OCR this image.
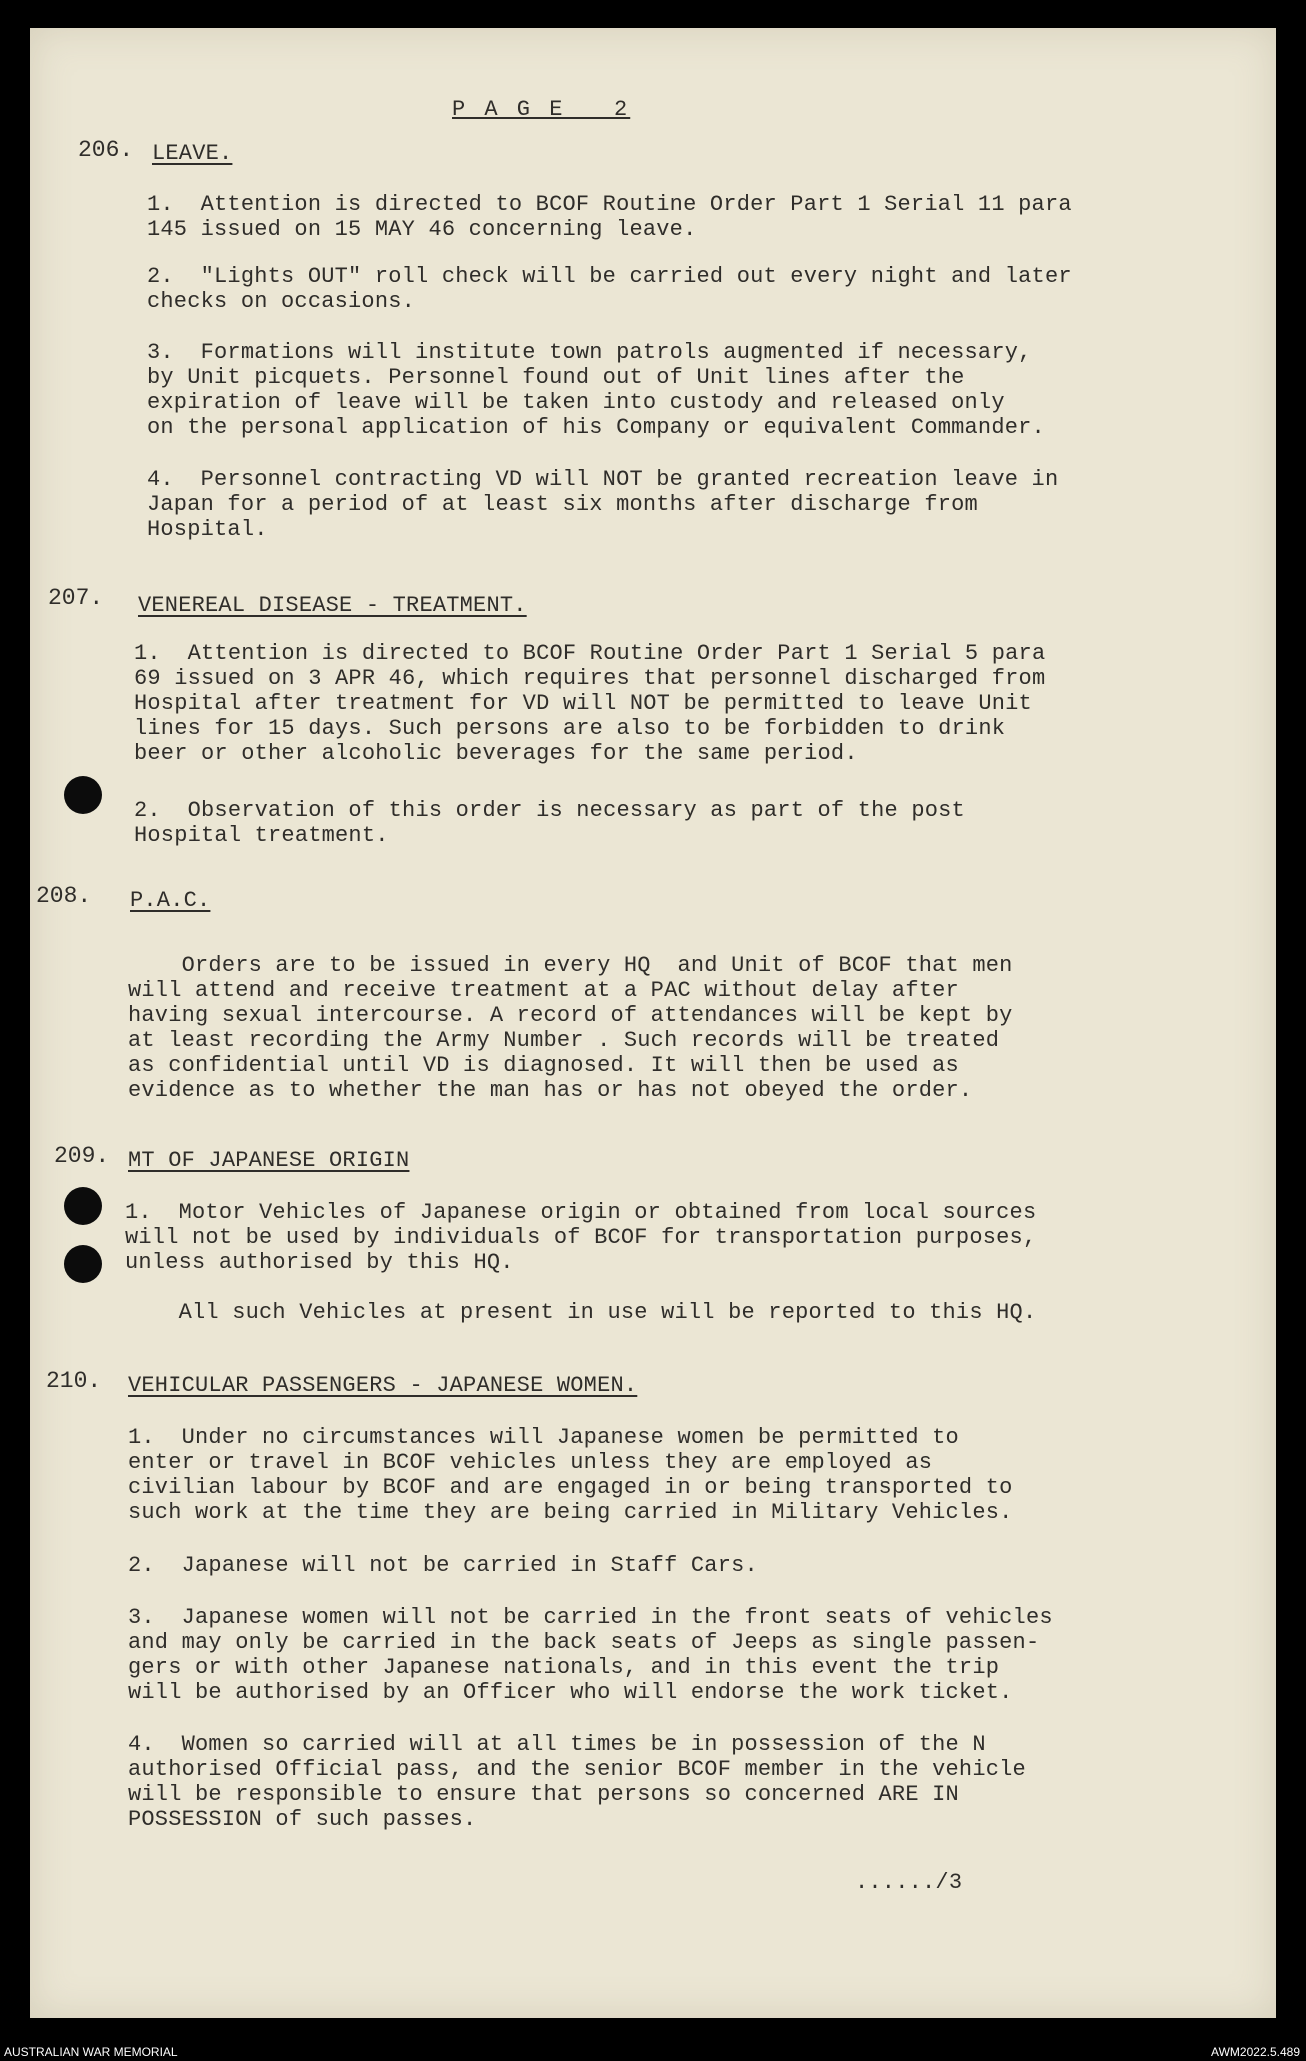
P A G E   2
206. LEAVE.
1.  Attention is directed to BCOF Routine Order Part 1 Serial 11 para
145 issued on 15 MAY 46 concerning leave.
2.  "Lights OUT" roll check will be carried out every night and later
checks on occasions.
3.  Formations will institute town patrols augmented if necessary,
by Unit picquets. Personnel found out of Unit lines after the
expiration of leave will be taken into custody and released only
on the personal application of his Company or equivalent Commander.
4.  Personnel contracting VD will NOT be granted recreation leave in
Japan for a period of at least six months after discharge from
Hospital.
207. VENEREAL DISEASE - TREATMENT.
1.  Attention is directed to BCOF Routine Order Part 1 Serial 5 para
69 issued on 3 APR 46, which requires that personnel discharged from
Hospital after treatment for VD will NOT be permitted to leave Unit
lines for 15 days. Such persons are also to be forbidden to drink
beer or other alcoholic beverages for the same period.
2.  Observation of this order is necessary as part of the post
Hospital treatment.
208. P.A.C.
Orders are to be issued in every HQ  and Unit of BCOF that men
will attend and receive treatment at a PAC without delay after
having sexual intercourse. A record of attendances will be kept by
at least recording the Army Number . Such records will be treated
as confidential until VD is diagnosed. It will then be used as
evidence as to whether the man has or has not obeyed the order.
209. MT OF JAPANESE ORIGIN
1.  Motor Vehicles of Japanese origin or obtained from local sources
will not be used by individuals of BCOF for transportation purposes,
unless authorised by this HQ.
All such Vehicles at present in use will be reported to this HQ.
210. VEHICULAR PASSENGERS - JAPANESE WOMEN.
1.  Under no circumstances will Japanese women be permitted to
enter or travel in BCOF vehicles unless they are employed as
civilian labour by BCOF and are engaged in or being transported to
such work at the time they are being carried in Military Vehicles.
2.  Japanese will not be carried in Staff Cars.
3.  Japanese women will not be carried in the front seats of vehicles
and may only be carried in the back seats of Jeeps as single passen-
gers or with other Japanese nationals, and in this event the trip
will be authorised by an Officer who will endorse the work ticket.
4.  Women so carried will at all times be in possession of the N
authorised Official pass, and the senior BCOF member in the vehicle
will be responsible to ensure that persons so concerned ARE IN
POSSESSION of such passes.
....../3
AUSTRALIAN WAR MEMORIAL	AWM2022.5.489
